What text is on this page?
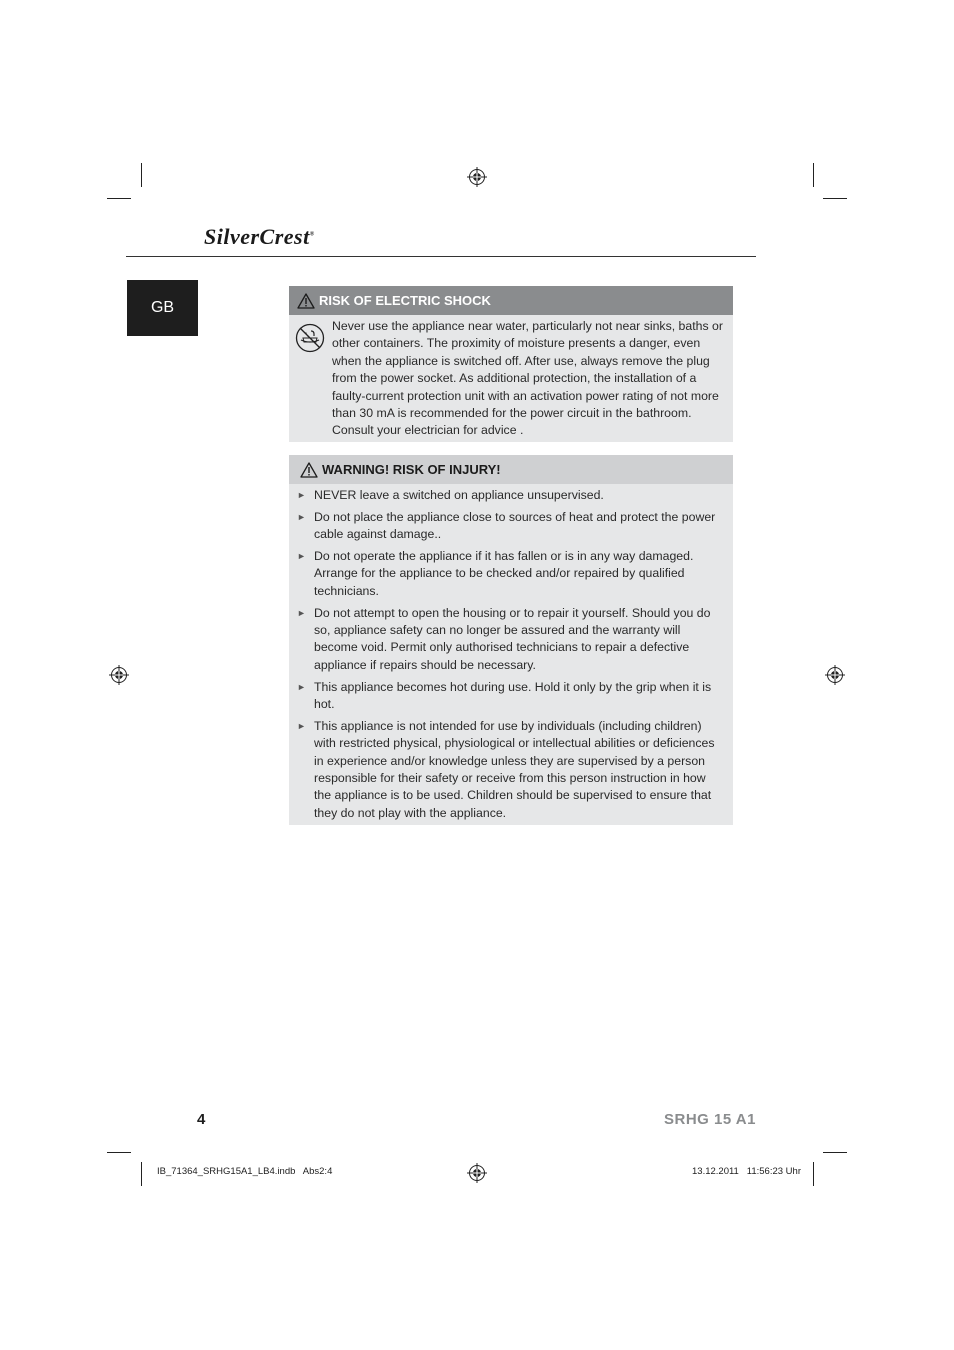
SilverCrest®
GB	RISK OF ELECTRIC SHOCK

Never use the appliance near water, particularly not near sinks, baths or other containers. The proximity of moisture presents a danger, even when the appliance is switched off. After use, always remove the plug from the power socket. As additional protection, the installation of a faulty-current protection unit with an activation power rating of not more than 30 mA is recommended for the power circuit in the bathroom. Consult your electrician for advice .

WARNING! RISK OF INJURY!
► NEVER leave a switched on appliance unsupervised.
► Do not place the appliance close to sources of heat and protect the power cable against damage..
► Do not operate the appliance if it has fallen or is in any way damaged. Arrange for the appliance to be checked and/or repaired by qualified technicians.
► Do not attempt to open the housing or to repair it yourself. Should you do so, appliance safety can no longer be assured and the warranty will become void. Permit only authorised technicians to repair a defective appliance if repairs should be necessary.
► This appliance becomes hot during use. Hold it only by the grip when it is hot.
► This appliance is not intended for use by individuals (including children) with restricted physical, physiological or intellectual abilities or deficiences in experience and/or knowledge unless they are supervised by a person responsible for their safety or receive from this person instruction in how the appliance is to be used. Children should be supervised to ensure that they do not play with the appliance.
4	SRHG 15 A1
IB_71364_SRHG15A1_LB4.indb   Abs2:4	13.12.2011   11:56:23 Uhr
